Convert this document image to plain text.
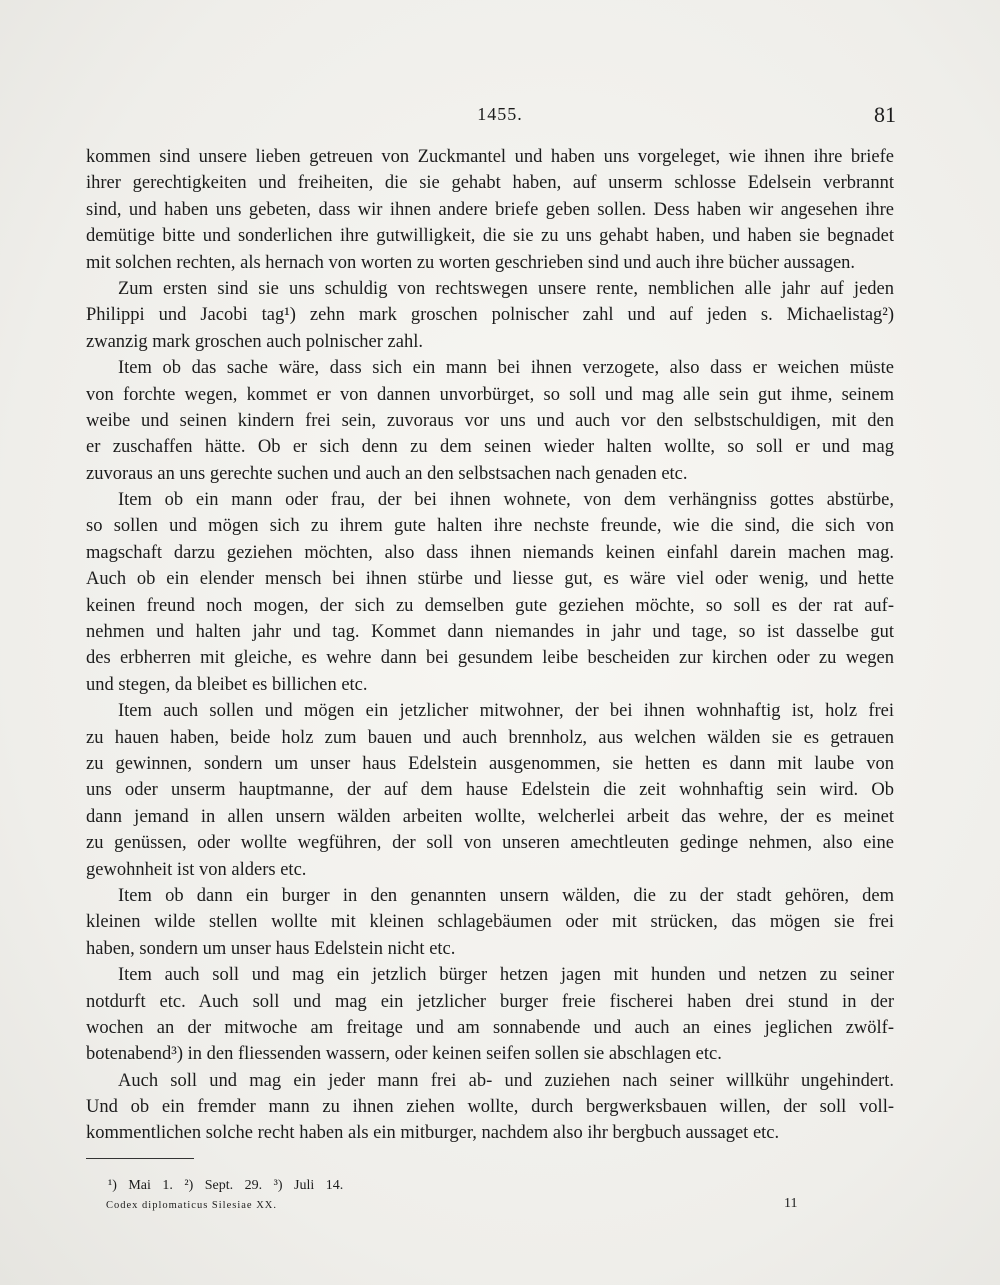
1455.	81
kommen sind unsere lieben getreuen von Zuckmantel und haben uns vorgeleget, wie ihnen ihre briefe
ihrer gerechtigkeiten und freiheiten, die sie gehabt haben, auf unserm schlosse Edelsein verbrannt
sind, und haben uns gebeten, dass wir ihnen andere briefe geben sollen. Dess haben wir angesehen ihre
demütige bitte und sonderlichen ihre gutwilligkeit, die sie zu uns gehabt haben, und haben sie begnadet
mit solchen rechten, als hernach von worten zu worten geschrieben sind und auch ihre bücher aussagen.
Zum ersten sind sie uns schuldig von rechtswegen unsere rente, nemblichen alle jahr auf jeden
Philippi und Jacobi tag¹) zehn mark groschen polnischer zahl und auf jeden s. Michaelistag²)
zwanzig mark groschen auch polnischer zahl.
Item ob das sache wäre, dass sich ein mann bei ihnen verzogete, also dass er weichen müste
von forchte wegen, kommet er von dannen unvorbürget, so soll und mag alle sein gut ihme, seinem
weibe und seinen kindern frei sein, zuvoraus vor uns und auch vor den selbstschuldigen, mit den
er zuschaffen hätte. Ob er sich denn zu dem seinen wieder halten wollte, so soll er und mag
zuvoraus an uns gerechte suchen und auch an den selbstsachen nach genaden etc.
Item ob ein mann oder frau, der bei ihnen wohnete, von dem verhängniss gottes abstürbe,
so sollen und mögen sich zu ihrem gute halten ihre nechste freunde, wie die sind, die sich von
magschaft darzu geziehen möchten, also dass ihnen niemands keinen einfahl darein machen mag.
Auch ob ein elender mensch bei ihnen stürbe und liesse gut, es wäre viel oder wenig, und hette
keinen freund noch mogen, der sich zu demselben gute geziehen möchte, so soll es der rat auf-
nehmen und halten jahr und tag. Kommet dann niemandes in jahr und tage, so ist dasselbe gut
des erbherren mit gleiche, es wehre dann bei gesundem leibe bescheiden zur kirchen oder zu wegen
und stegen, da bleibet es billichen etc.
Item auch sollen und mögen ein jetzlicher mitwohner, der bei ihnen wohnhaftig ist, holz frei
zu hauen haben, beide holz zum bauen und auch brennholz, aus welchen wälden sie es getrauen
zu gewinnen, sondern um unser haus Edelstein ausgenommen, sie hetten es dann mit laube von
uns oder unserm hauptmanne, der auf dem hause Edelstein die zeit wohnhaftig sein wird. Ob
dann jemand in allen unsern wälden arbeiten wollte, welcherlei arbeit das wehre, der es meinet
zu genüssen, oder wollte wegführen, der soll von unseren amechtleuten gedinge nehmen, also eine
gewohnheit ist von alders etc.
Item ob dann ein burger in den genannten unsern wälden, die zu der stadt gehören, dem
kleinen wilde stellen wollte mit kleinen schlagebäumen oder mit strücken, das mögen sie frei
haben, sondern um unser haus Edelstein nicht etc.
Item auch soll und mag ein jetzlich bürger hetzen jagen mit hunden und netzen zu seiner
notdurft etc. Auch soll und mag ein jetzlicher burger freie fischerei haben drei stund in der
wochen an der mitwoche am freitage und am sonnabende und auch an eines jeglichen zwölf-
botenabend³) in den fliessenden wassern, oder keinen seifen sollen sie abschlagen etc.
Auch soll und mag ein jeder mann frei ab- und zuziehen nach seiner willkühr ungehindert.
Und ob ein fremder mann zu ihnen ziehen wollte, durch bergwerksbauen willen, der soll voll-
kommentlichen solche recht haben als ein mitburger, nachdem also ihr bergbuch aussaget etc.
¹) Mai 1. ²) Sept. 29. ³) Juli 14.
Codex diplomaticus Silesiae XX.	11
